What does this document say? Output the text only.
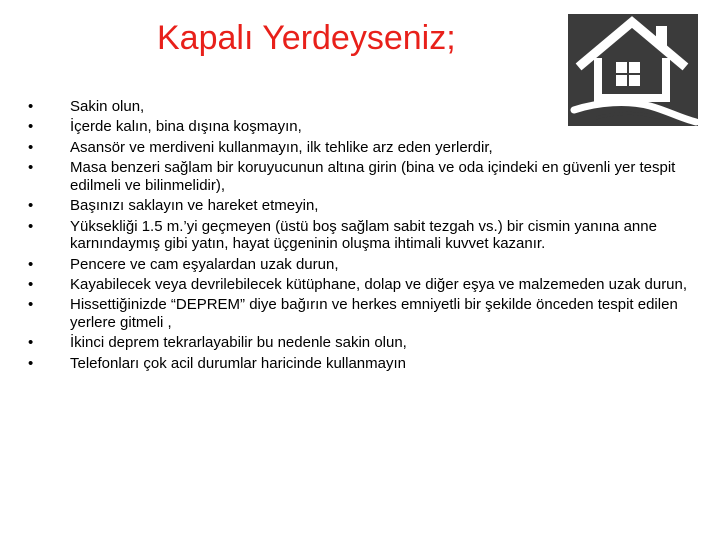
Kapalı Yerdeyseniz;
• Sakin olun,
• İçerde kalın, bina dışına koşmayın,
• Asansör ve merdiveni kullanmayın, ilk tehlike arz eden yerlerdir,
• Masa benzeri sağlam bir koruyucunun altına girin (bina ve oda içindeki en güvenli yer tespit edilmeli ve bilinmelidir),
• Başınızı saklayın ve hareket etmeyin,
• Yüksekliği 1.5 m.’yi geçmeyen (üstü boş sağlam sabit tezgah vs.) bir cismin yanına anne karnındaymış gibi yatın, hayat üçgeninin oluşma ihtimali kuvvet kazanır.
• Pencere ve cam eşyalardan uzak durun,
• Kayabilecek veya devrilebilecek kütüphane, dolap ve diğer eşya ve malzemeden uzak durun,
• Hissettiğinizde “DEPREM” diye bağırın ve herkes emniyetli bir şekilde önceden tespit edilen yerlere gitmeli ,
• İkinci deprem tekrarlayabilir bu nedenle sakin olun,
• Telefonları çok acil durumlar haricinde kullanmayın
